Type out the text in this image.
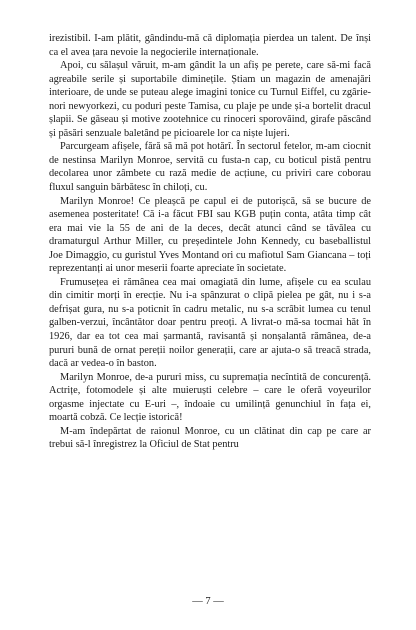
irezistibil. I-am plătit, gândindu-mă că diplomația pierdea un talent. De înși ca el avea țara nevoie la negocierile internaționale.

Apoi, cu sălașul văruit, m-am gândit la un afiș pe perete, care să-mi facă agreabile serile și suportabile diminețile. Știam un magazin de amenajări interioare, de unde se puteau alege imagini tonice cu Turnul Eiffel, cu zgârie-nori newyorkezi, cu poduri peste Tamisa, cu plaje pe unde și-a bortelit dracul șlapii. Se găseau și motive zootehnice cu rinoceri sporovăind, girafe păscând și păsări senzuale baletând pe picioarele lor ca niște lujeri.

Parcurgeam afișele, fără să mă pot hotărî. În sectorul fetelor, m-am ciocnit de nestinsa Marilyn Monroe, servită cu fusta-n cap, cu boticul pistă pentru decolarea unor zâmbete cu rază medie de acțiune, cu priviri care coborau fluxul sanguin bărbătesc în chiloți, cu.

Marilyn Monroe! Ce pleașcă pe capul ei de putorișcă, să se bucure de asemenea posteritate! Că i-a făcut FBI sau KGB puțin conta, atâta timp cât era mai vie la 55 de ani de la deces, decât atunci când se tăvălea cu dramaturgul Arthur Miller, cu președintele John Kennedy, cu baseballistul Joe Dimaggio, cu guristul Yves Montand ori cu mafiotul Sam Giancana – toți reprezentanți ai unor meserii foarte apreciate în societate.

Frumusețea ei rămânea cea mai omagiată din lume, afișele cu ea sculau din cimitir morți în erecție. Nu i-a spânzurat o clipă pielea pe gât, nu i s-a defrișat gura, nu s-a poticnit în cadru metalic, nu s-a scrâbit lumea cu tenul galben-verzui, încântător doar pentru preoți. A livrat-o mă-sa tocmai hăt în 1926, dar ea tot cea mai șarmantă, ravisantă și nonșalantă rămânea, de-a pururi bună de ornat pereții noilor generații, care ar ajuta-o să treacă strada, dacă ar vedea-o în baston.

Marilyn Monroe, de-a pururi miss, cu supremația necîntită de concurență. Actrițe, fotomodele și alte muieruști celebre – care le oferă voyeurilor orgasme injectate cu E-uri –, îndoaie cu umilință genunchiul în fața ei, moartă cobză. Ce lecție istorică!

M-am îndepărtat de raionul Monroe, cu un clătinat din cap pe care ar trebui să-l înregistrez la Oficiul de Stat pentru

— 7 —
